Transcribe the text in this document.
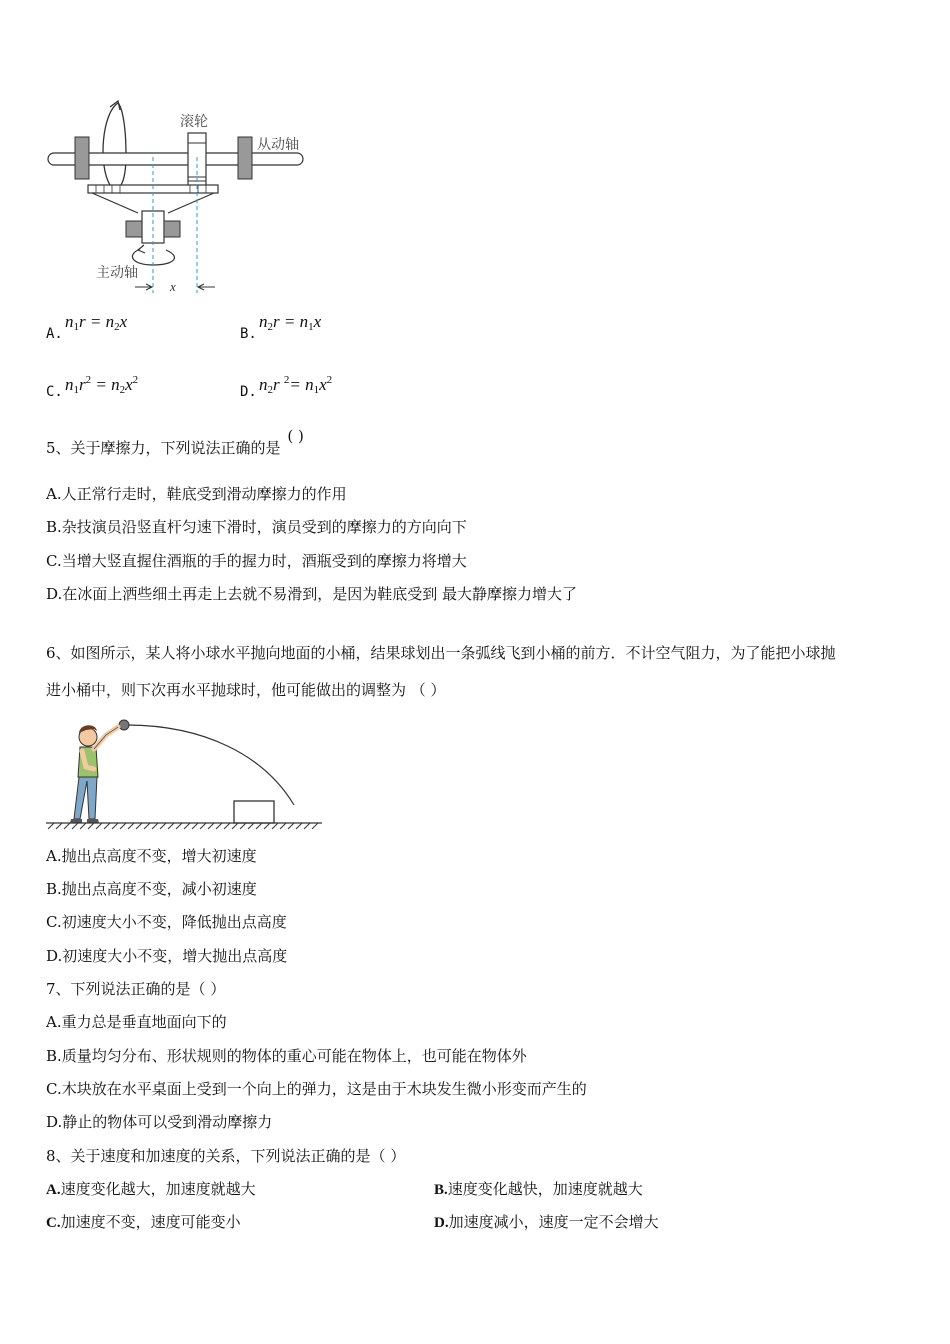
滚轮
从动轴
主动轴
x
A.
$n_1r = n_2x$
B.
$n_2r = n_1x$
C. $n_1r^2 = n_2x^2$
D. $n_2r$ $^2= n_1x^2$
5、关于摩擦力，下列说法正确的是 ( )
A.人正常行走时，鞋底受到滑动摩擦力的作用
B.杂技演员沿竖直杆匀速下滑时，演员受到的摩擦力的方向向下
C.当增大竖直握住酒瓶的手的握力时，酒瓶受到的摩擦力将增大
D.在冰面上洒些细土再走上去就不易滑到，是因为鞋底受到 最大静摩擦力增大了
6、如图所示，某人将小球水平抛向地面的小桶，结果球划出一条弧线飞到小桶的前方．不计空气阻力，为了能把小球抛
进小桶中，则下次再水平抛球时，他可能做出的调整为 （ ）
A.抛出点高度不变，增大初速度
B.抛出点高度不变，减小初速度
C.初速度大小不变，降低抛出点高度
D.初速度大小不变，增大抛出点高度
7、下列说法正确的是（ ）
A.重力总是垂直地面向下的
B.质量均匀分布、形状规则的物体的重心可能在物体上，也可能在物体外
C.木块放在水平桌面上受到一个向上的弹力，这是由于木块发生微小形变而产生的
D.静止的物体可以受到滑动摩擦力
8、关于速度和加速度的关系，下列说法正确的是（ ）
A.速度变化越大，加速度就越大	B.速度变化越快，加速度就越大
C.加速度不变，速度可能变小	D.加速度减小，速度一定不会增大
